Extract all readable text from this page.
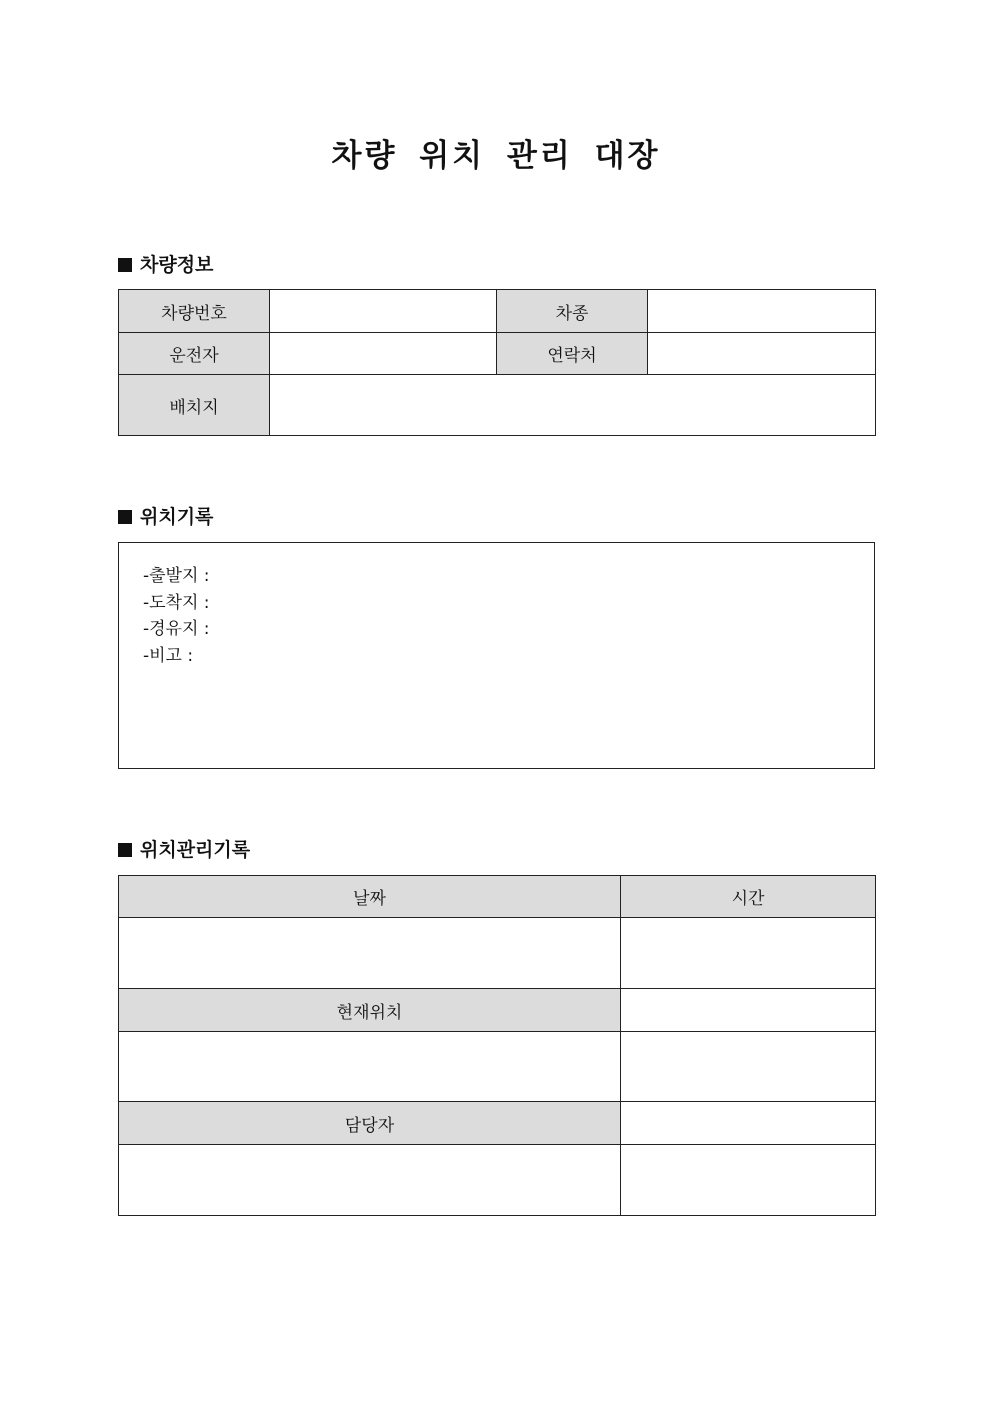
차량 위치 관리 대장
차량정보
차량번호		차종	
운전자		연락처	
배치지			
위치기록
-출발지 :
-도착지 :
-경유지 :
-비고 :
위치관리기록
날짜	시간

현재위치	

담당자	
